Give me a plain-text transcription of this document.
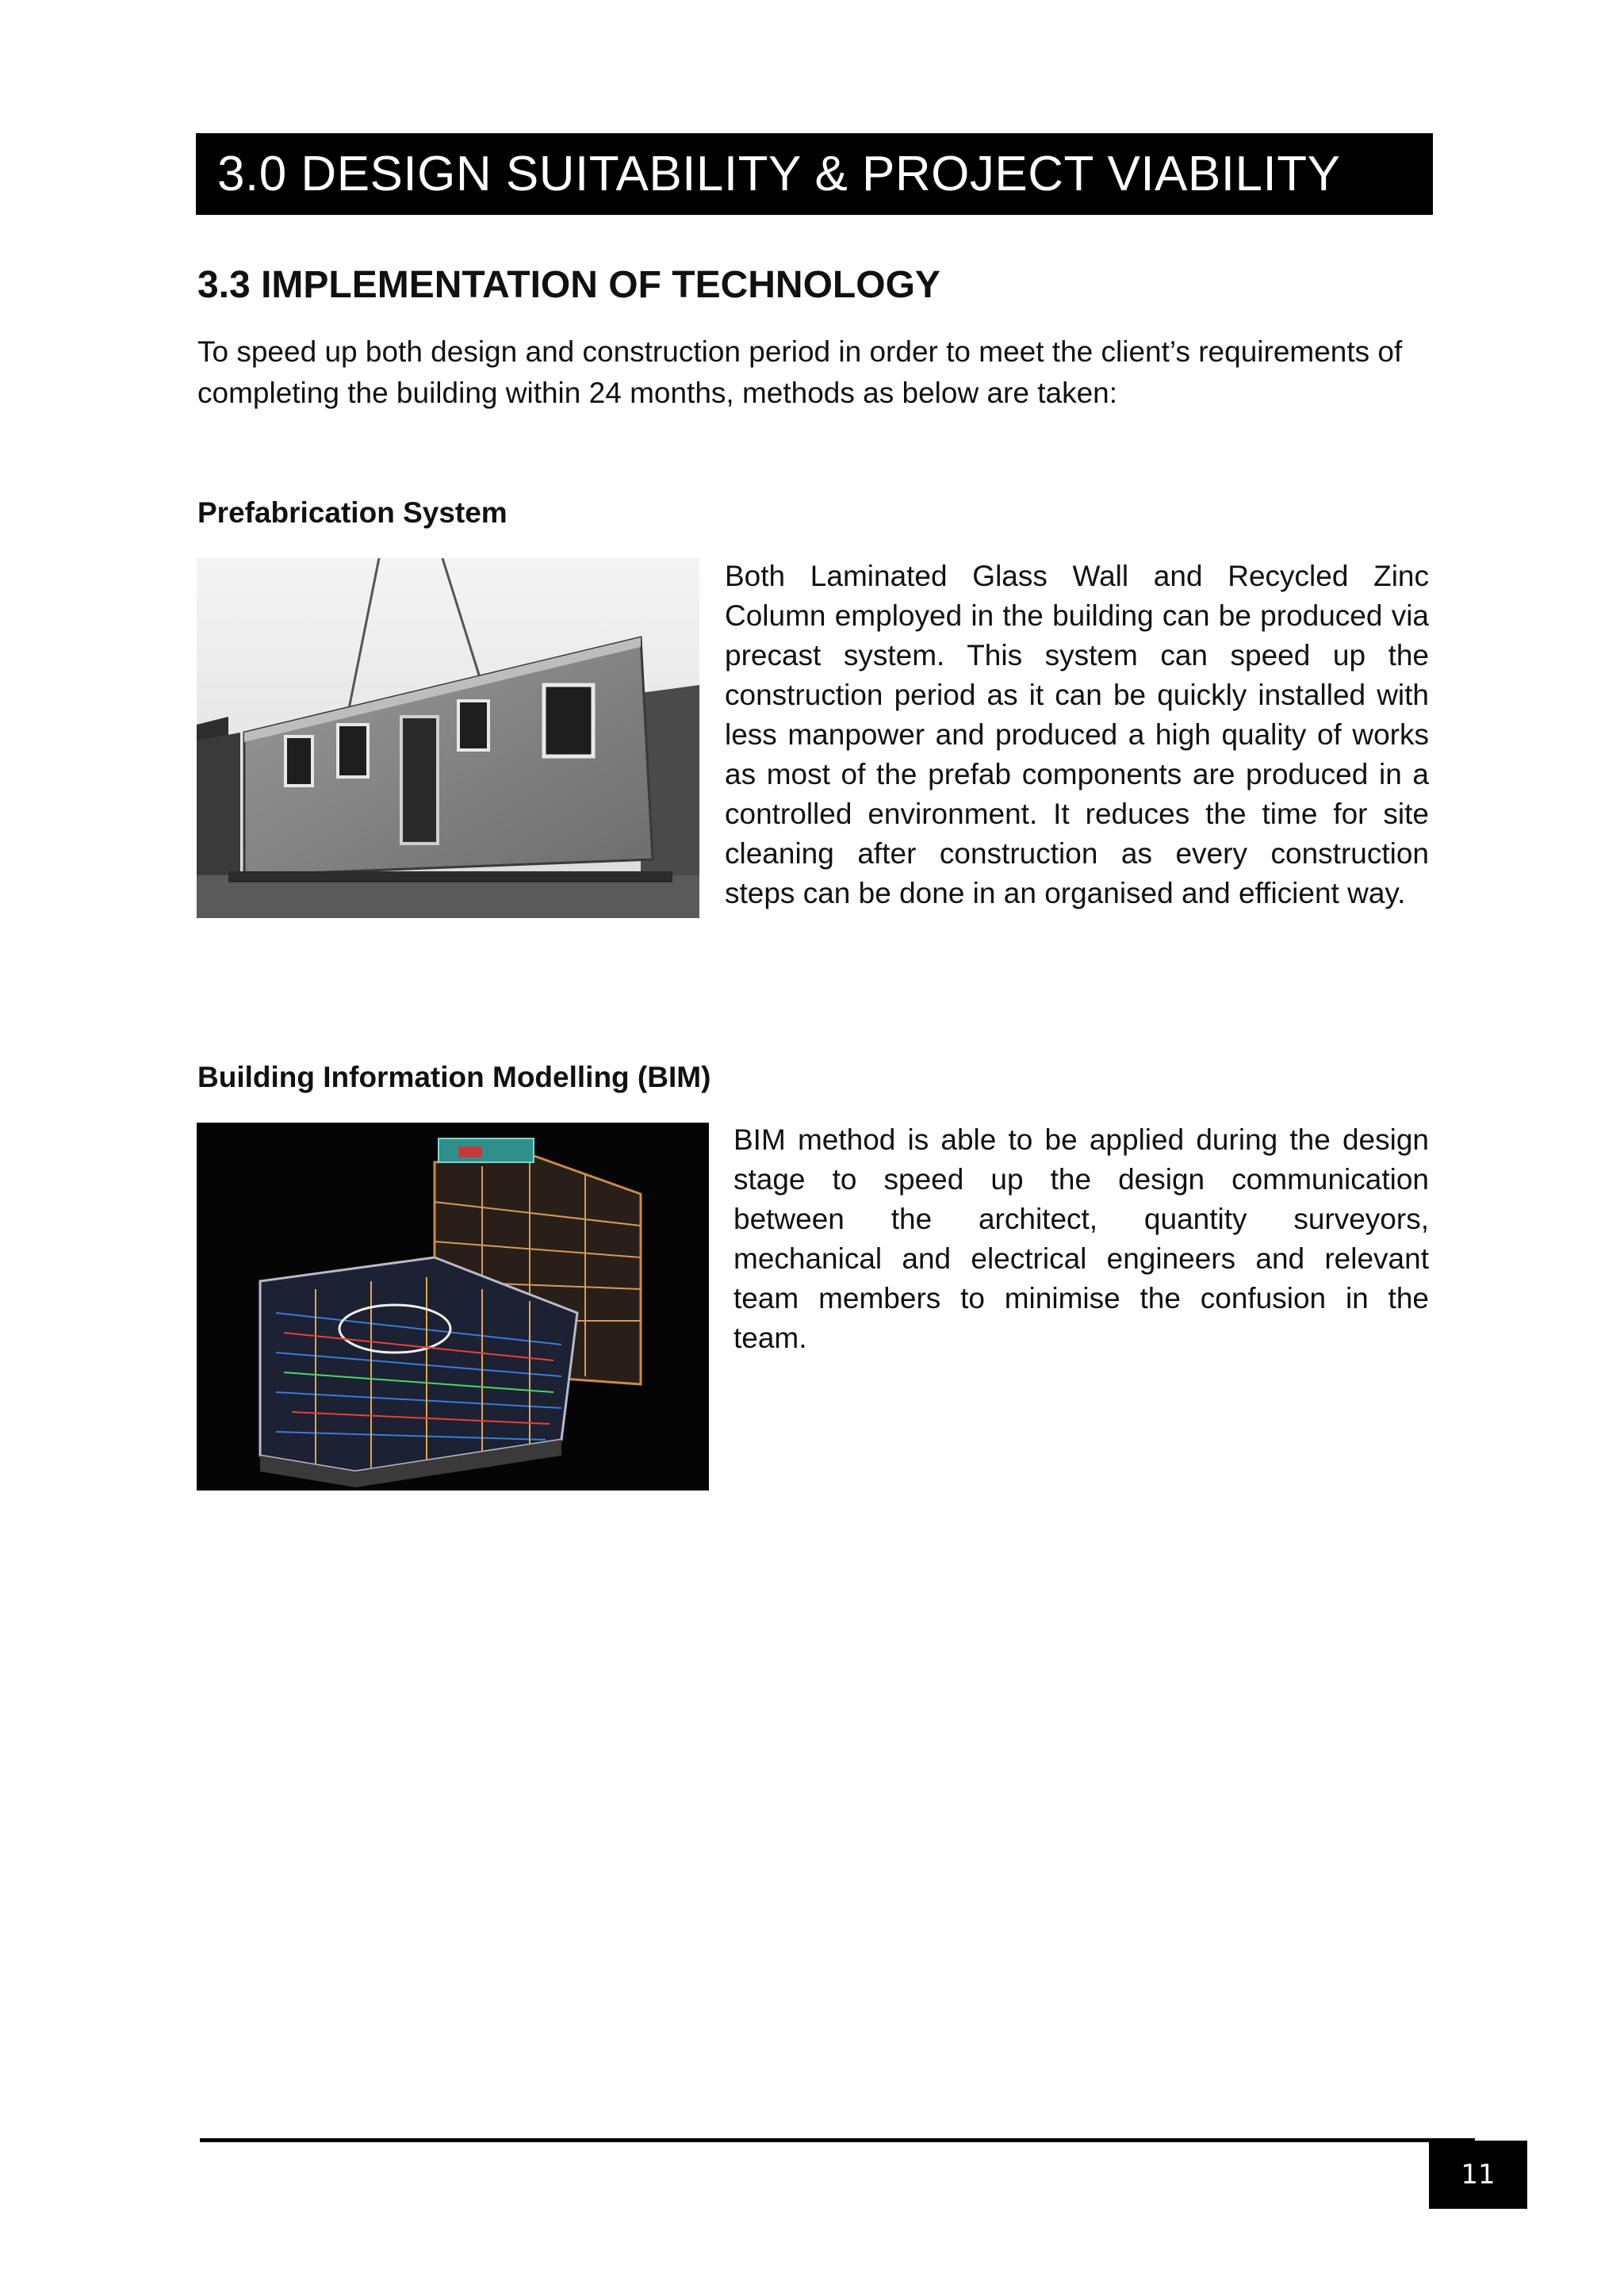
3.0 DESIGN SUITABILITY & PROJECT VIABILITY
3.3 IMPLEMENTATION OF TECHNOLOGY

To speed up both design and construction period in order to meet the client’s requirements of completing the building within 24 months, methods as below are taken:

Prefabrication System

Both Laminated Glass Wall and Recycled Zinc Column employed in the building can be produced via precast system. This system can speed up the construction period as it can be quickly installed with less manpower and produced a high quality of works as most of the prefab components are produced in a controlled environment. It reduces the time for site cleaning after construction as every construction steps can be done in an organised and efficient way.

Building Information Modelling (BIM)

BIM method is able to be applied during the design stage to speed up the design communication between the architect, quantity surveyors, mechanical and electrical engineers and relevant team members to minimise the confusion in the team.

11
